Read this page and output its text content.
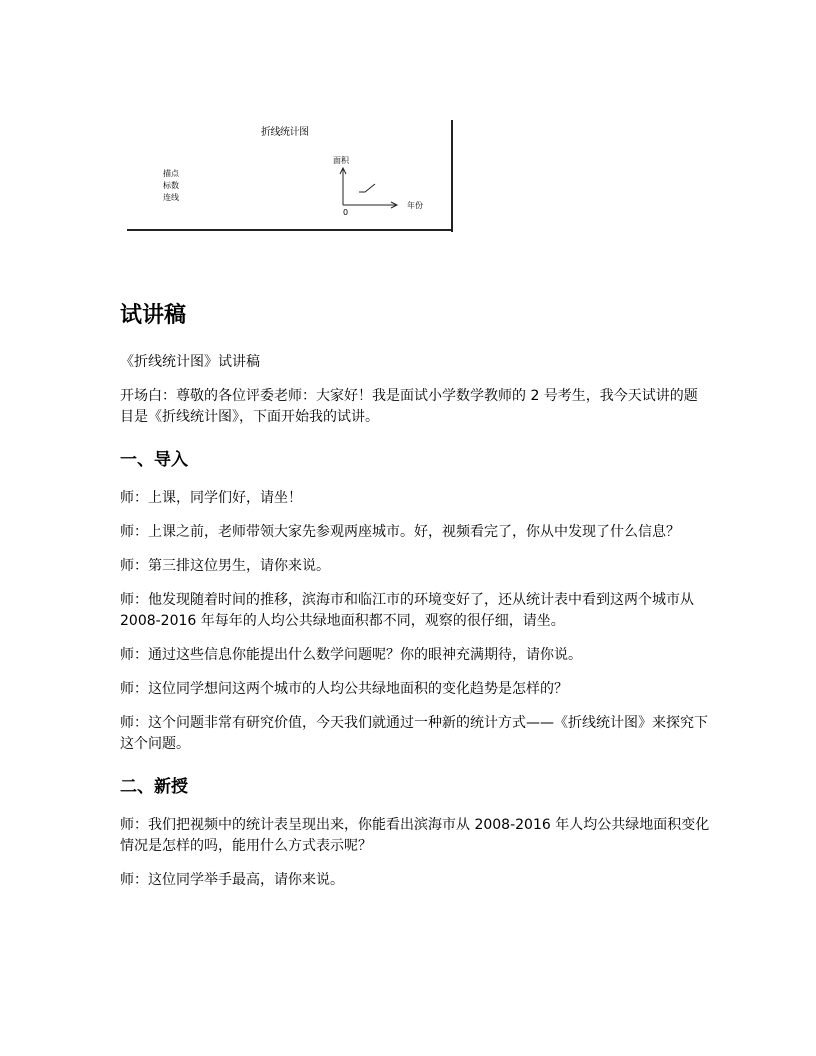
折线统计图
描点
标数
连线
面积
0
年份
试讲稿
《折线统计图》试讲稿
开场白：尊敬的各位评委老师：大家好！我是面试小学数学教师的 2 号考生，我今天试讲的题目是《折线统计图》，下面开始我的试讲。
一、导入
师：上课，同学们好，请坐！
师：上课之前，老师带领大家先参观两座城市。好，视频看完了，你从中发现了什么信息？
师：第三排这位男生，请你来说。
师：他发现随着时间的推移，滨海市和临江市的环境变好了，还从统计表中看到这两个城市从 2008-2016 年每年的人均公共绿地面积都不同，观察的很仔细，请坐。
师：通过这些信息你能提出什么数学问题呢？你的眼神充满期待，请你说。
师：这位同学想问这两个城市的人均公共绿地面积的变化趋势是怎样的？
师：这个问题非常有研究价值，今天我们就通过一种新的统计方式——《折线统计图》来探究下这个问题。
二、新授
师：我们把视频中的统计表呈现出来，你能看出滨海市从 2008-2016 年人均公共绿地面积变化情况是怎样的吗，能用什么方式表示呢？
师：这位同学举手最高，请你来说。
